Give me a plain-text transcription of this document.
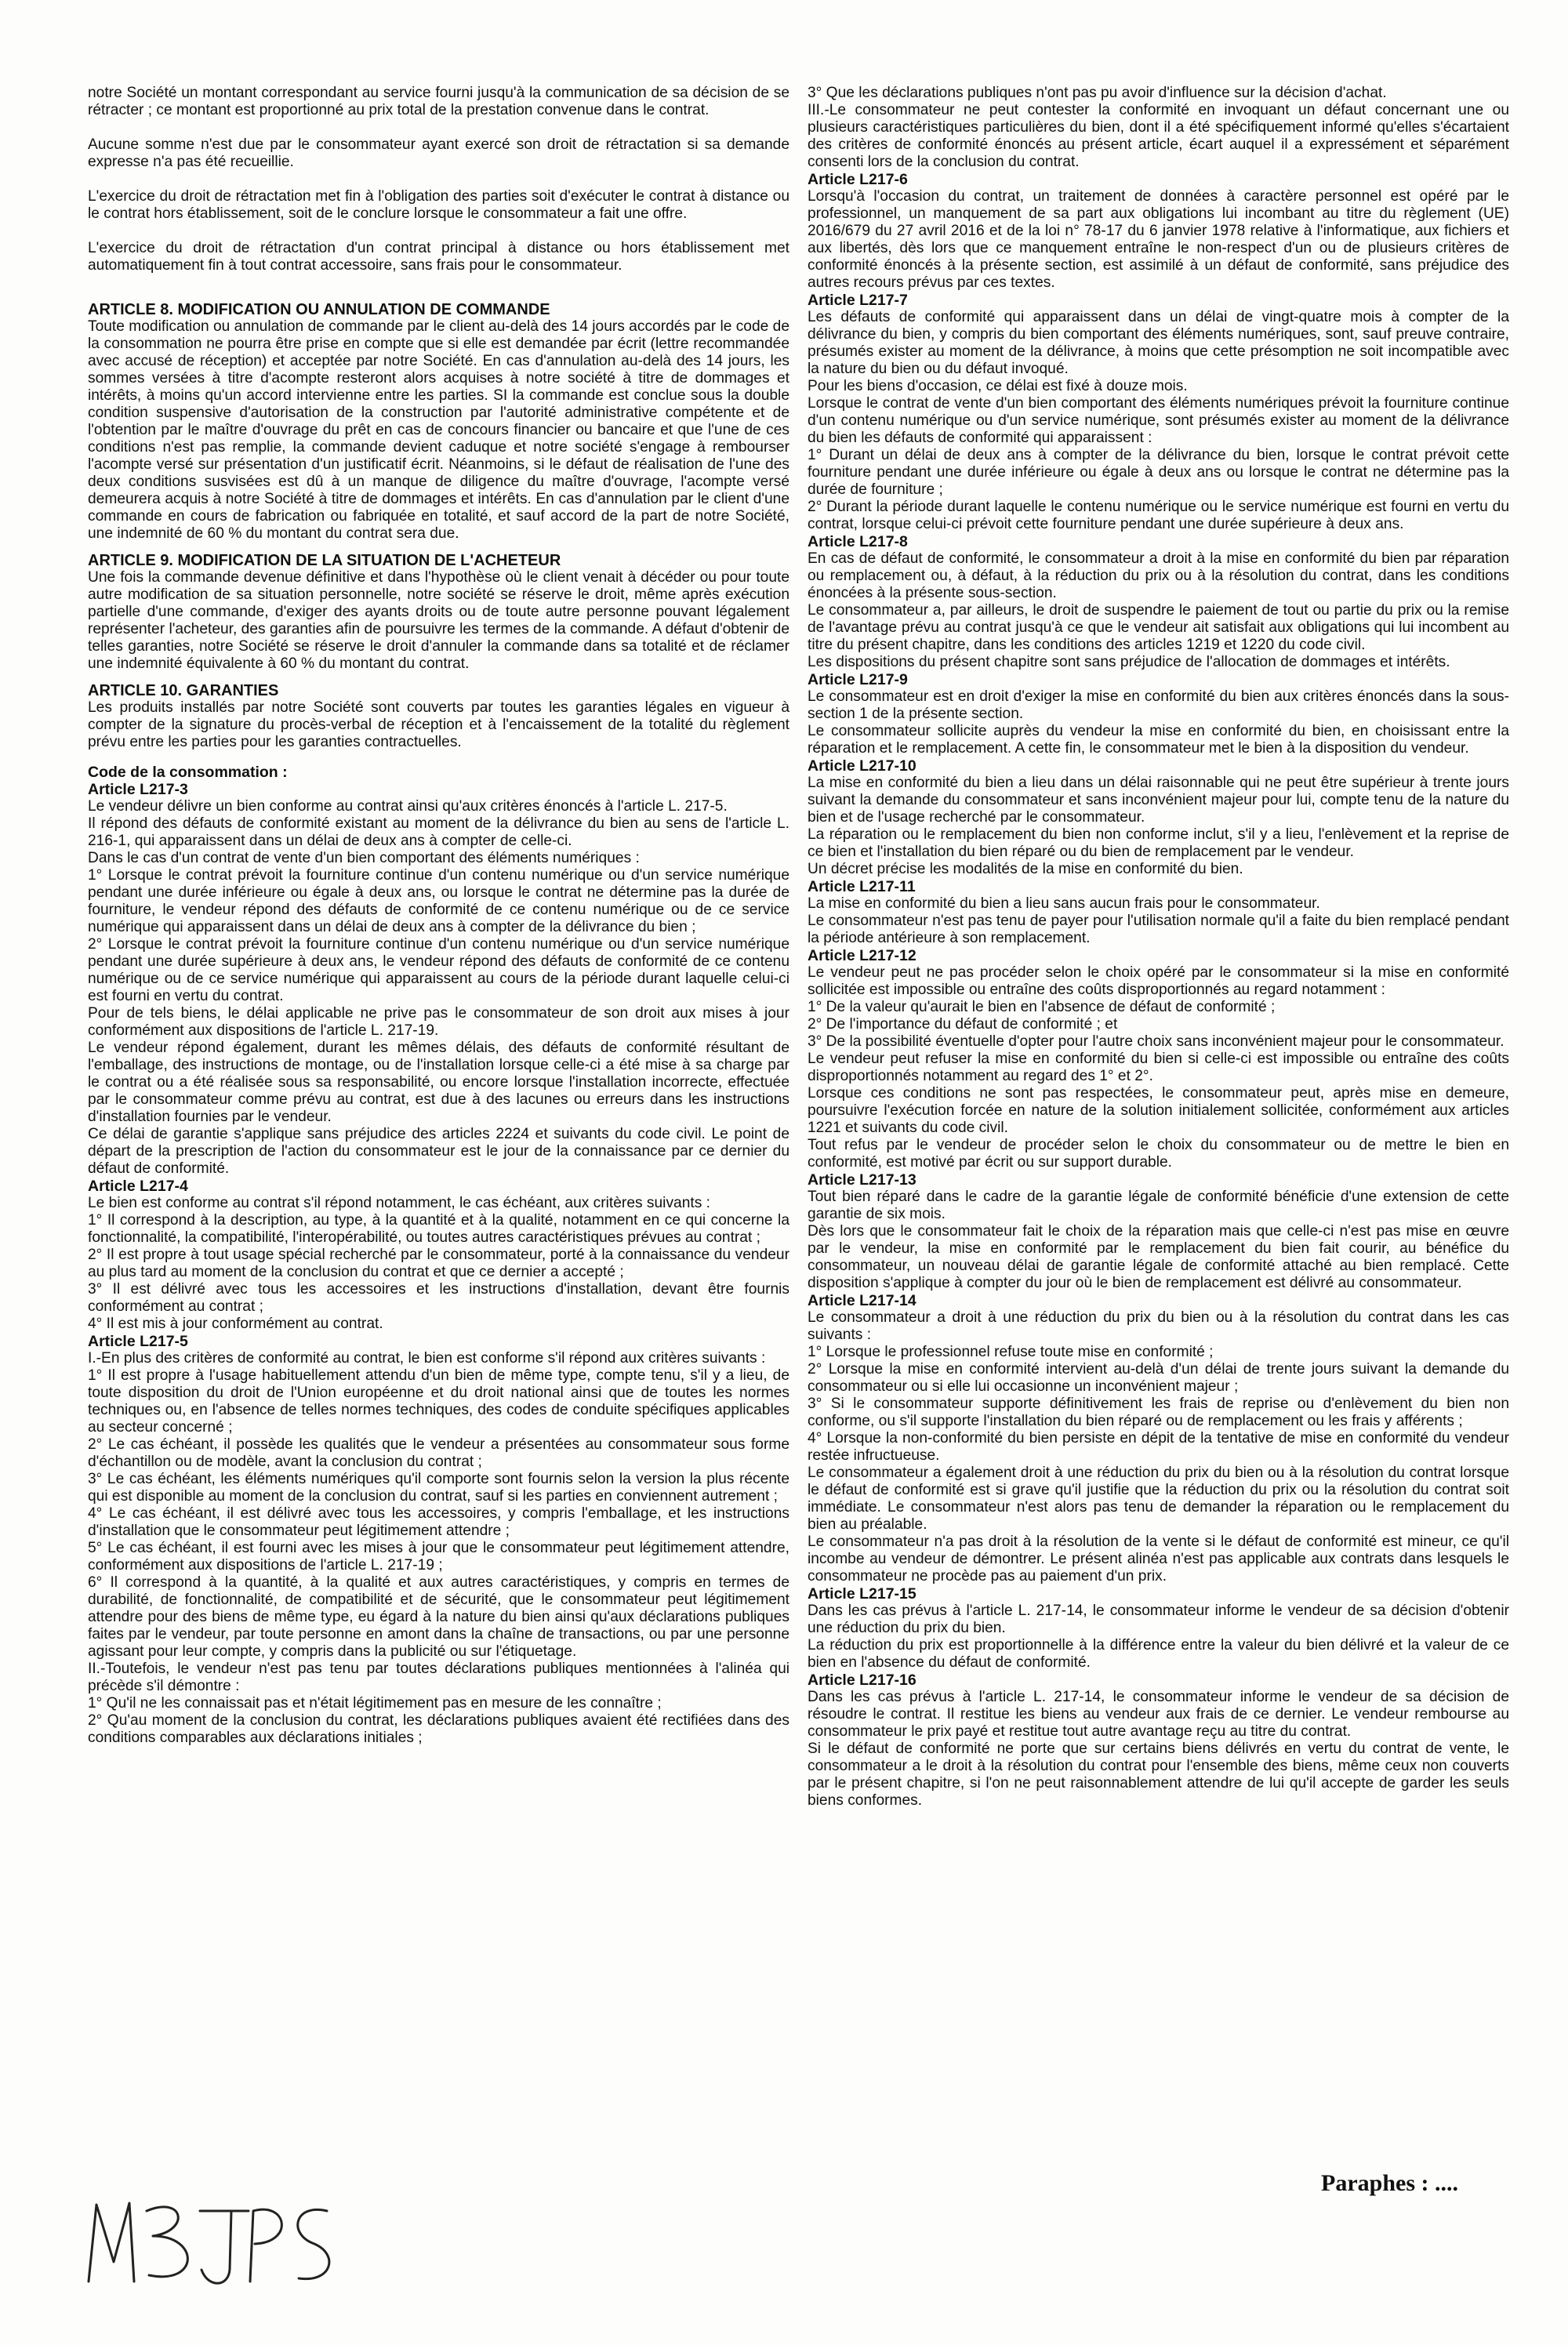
notre Société un montant correspondant au service fourni jusqu'à la communication de sa décision de se rétracter ; ce montant est proportionné au prix total de la prestation convenue dans le contrat.

Aucune somme n'est due par le consommateur ayant exercé son droit de rétractation si sa demande expresse n'a pas été recueillie.

L'exercice du droit de rétractation met fin à l'obligation des parties soit d'exécuter le contrat à distance ou le contrat hors établissement, soit de le conclure lorsque le consommateur a fait une offre.

L'exercice du droit de rétractation d'un contrat principal à distance ou hors établissement met automatiquement fin à tout contrat accessoire, sans frais pour le consommateur.

ARTICLE 8. MODIFICATION OU ANNULATION DE COMMANDE

Toute modification ou annulation de commande par le client au-delà des 14 jours accordés par le code de la consommation ne pourra être prise en compte que si elle est demandée par écrit (lettre recommandée avec accusé de réception) et acceptée par notre Société. En cas d'annulation au-delà des 14 jours, les sommes versées à titre d'acompte resteront alors acquises à notre société à titre de dommages et intérêts, à moins qu'un accord intervienne entre les parties. SI la commande est conclue sous la double condition suspensive d'autorisation de la construction par l'autorité administrative compétente et de l'obtention par le maître d'ouvrage du prêt en cas de concours financier ou bancaire et que l'une de ces conditions n'est pas remplie, la commande devient caduque et notre société s'engage à rembourser l'acompte versé sur présentation d'un justificatif écrit. Néanmoins, si le défaut de réalisation de l'une des deux conditions susvisées est dû à un manque de diligence du maître d'ouvrage, l'acompte versé demeurera acquis à notre Société à titre de dommages et intérêts. En cas d'annulation par le client d'une commande en cours de fabrication ou fabriquée en totalité, et sauf accord de la part de notre Société, une indemnité de 60 % du montant du contrat sera due.

ARTICLE 9. MODIFICATION DE LA SITUATION DE L'ACHETEUR

Une fois la commande devenue définitive et dans l'hypothèse où le client venait à décéder ou pour toute autre modification de sa situation personnelle, notre société se réserve le droit, même après exécution partielle d'une commande, d'exiger des ayants droits ou de toute autre personne pouvant légalement représenter l'acheteur, des garanties afin de poursuivre les termes de la commande. A défaut d'obtenir de telles garanties, notre Société se réserve le droit d'annuler la commande dans sa totalité et de réclamer une indemnité équivalente à 60 % du montant du contrat.

ARTICLE 10. GARANTIES

Les produits installés par notre Société sont couverts par toutes les garanties légales en vigueur à compter de la signature du procès-verbal de réception et à l'encaissement de la totalité du règlement prévu entre les parties pour les garanties contractuelles.

Code de la consommation :
Article L217-3

Le vendeur délivre un bien conforme au contrat ainsi qu'aux critères énoncés à l'article L. 217-5.

Il répond des défauts de conformité existant au moment de la délivrance du bien au sens de l'article L. 216-1, qui apparaissent dans un délai de deux ans à compter de celle-ci.

Dans le cas d'un contrat de vente d'un bien comportant des éléments numériques :

1° Lorsque le contrat prévoit la fourniture continue d'un contenu numérique ou d'un service numérique pendant une durée inférieure ou égale à deux ans, ou lorsque le contrat ne détermine pas la durée de fourniture, le vendeur répond des défauts de conformité de ce contenu numérique ou de ce service numérique qui apparaissent dans un délai de deux ans à compter de la délivrance du bien ;

2° Lorsque le contrat prévoit la fourniture continue d'un contenu numérique ou d'un service numérique pendant une durée supérieure à deux ans, le vendeur répond des défauts de conformité de ce contenu numérique ou de ce service numérique qui apparaissent au cours de la période durant laquelle celui-ci est fourni en vertu du contrat.

Pour de tels biens, le délai applicable ne prive pas le consommateur de son droit aux mises à jour conformément aux dispositions de l'article L. 217-19.

Le vendeur répond également, durant les mêmes délais, des défauts de conformité résultant de l'emballage, des instructions de montage, ou de l'installation lorsque celle-ci a été mise à sa charge par le contrat ou a été réalisée sous sa responsabilité, ou encore lorsque l'installation incorrecte, effectuée par le consommateur comme prévu au contrat, est due à des lacunes ou erreurs dans les instructions d'installation fournies par le vendeur.

Ce délai de garantie s'applique sans préjudice des articles 2224 et suivants du code civil. Le point de départ de la prescription de l'action du consommateur est le jour de la connaissance par ce dernier du défaut de conformité.

Article L217-4

Le bien est conforme au contrat s'il répond notamment, le cas échéant, aux critères suivants :

1° Il correspond à la description, au type, à la quantité et à la qualité, notamment en ce qui concerne la fonctionnalité, la compatibilité, l'interopérabilité, ou toutes autres caractéristiques prévues au contrat ;

2° Il est propre à tout usage spécial recherché par le consommateur, porté à la connaissance du vendeur au plus tard au moment de la conclusion du contrat et que ce dernier a accepté ;

3° Il est délivré avec tous les accessoires et les instructions d'installation, devant être fournis conformément au contrat ;

4° Il est mis à jour conformément au contrat.

Article L217-5

I.-En plus des critères de conformité au contrat, le bien est conforme s'il répond aux critères suivants :

1° Il est propre à l'usage habituellement attendu d'un bien de même type, compte tenu, s'il y a lieu, de toute disposition du droit de l'Union européenne et du droit national ainsi que de toutes les normes techniques ou, en l'absence de telles normes techniques, des codes de conduite spécifiques applicables au secteur concerné ;

2° Le cas échéant, il possède les qualités que le vendeur a présentées au consommateur sous forme d'échantillon ou de modèle, avant la conclusion du contrat ;

3° Le cas échéant, les éléments numériques qu'il comporte sont fournis selon la version la plus récente qui est disponible au moment de la conclusion du contrat, sauf si les parties en conviennent autrement ;

4° Le cas échéant, il est délivré avec tous les accessoires, y compris l'emballage, et les instructions d'installation que le consommateur peut légitimement attendre ;

5° Le cas échéant, il est fourni avec les mises à jour que le consommateur peut légitimement attendre, conformément aux dispositions de l'article L. 217-19 ;

6° Il correspond à la quantité, à la qualité et aux autres caractéristiques, y compris en termes de durabilité, de fonctionnalité, de compatibilité et de sécurité, que le consommateur peut légitimement attendre pour des biens de même type, eu égard à la nature du bien ainsi qu'aux déclarations publiques faites par le vendeur, par toute personne en amont dans la chaîne de transactions, ou par une personne agissant pour leur compte, y compris dans la publicité ou sur l'étiquetage.

II.-Toutefois, le vendeur n'est pas tenu par toutes déclarations publiques mentionnées à l'alinéa qui précède s'il démontre :

1° Qu'il ne les connaissait pas et n'était légitimement pas en mesure de les connaître ;

2° Qu'au moment de la conclusion du contrat, les déclarations publiques avaient été rectifiées dans des conditions comparables aux déclarations initiales ;

3° Que les déclarations publiques n'ont pas pu avoir d'influence sur la décision d'achat.

III.-Le consommateur ne peut contester la conformité en invoquant un défaut concernant une ou plusieurs caractéristiques particulières du bien, dont il a été spécifiquement informé qu'elles s'écartaient des critères de conformité énoncés au présent article, écart auquel il a expressément et séparément consenti lors de la conclusion du contrat.

Article L217-6

Lorsqu'à l'occasion du contrat, un traitement de données à caractère personnel est opéré par le professionnel, un manquement de sa part aux obligations lui incombant au titre du règlement (UE) 2016/679 du 27 avril 2016 et de la loi n° 78-17 du 6 janvier 1978 relative à l'informatique, aux fichiers et aux libertés, dès lors que ce manquement entraîne le non-respect d'un ou de plusieurs critères de conformité énoncés à la présente section, est assimilé à un défaut de conformité, sans préjudice des autres recours prévus par ces textes.

Article L217-7

Les défauts de conformité qui apparaissent dans un délai de vingt-quatre mois à compter de la délivrance du bien, y compris du bien comportant des éléments numériques, sont, sauf preuve contraire, présumés exister au moment de la délivrance, à moins que cette présomption ne soit incompatible avec la nature du bien ou du défaut invoqué.

Pour les biens d'occasion, ce délai est fixé à douze mois.

Lorsque le contrat de vente d'un bien comportant des éléments numériques prévoit la fourniture continue d'un contenu numérique ou d'un service numérique, sont présumés exister au moment de la délivrance du bien les défauts de conformité qui apparaissent :

1° Durant un délai de deux ans à compter de la délivrance du bien, lorsque le contrat prévoit cette fourniture pendant une durée inférieure ou égale à deux ans ou lorsque le contrat ne détermine pas la durée de fourniture ;

2° Durant la période durant laquelle le contenu numérique ou le service numérique est fourni en vertu du contrat, lorsque celui-ci prévoit cette fourniture pendant une durée supérieure à deux ans.

Article L217-8

En cas de défaut de conformité, le consommateur a droit à la mise en conformité du bien par réparation ou remplacement ou, à défaut, à la réduction du prix ou à la résolution du contrat, dans les conditions énoncées à la présente sous-section.

Le consommateur a, par ailleurs, le droit de suspendre le paiement de tout ou partie du prix ou la remise de l'avantage prévu au contrat jusqu'à ce que le vendeur ait satisfait aux obligations qui lui incombent au titre du présent chapitre, dans les conditions des articles 1219 et 1220 du code civil.

Les dispositions du présent chapitre sont sans préjudice de l'allocation de dommages et intérêts.

Article L217-9

Le consommateur est en droit d'exiger la mise en conformité du bien aux critères énoncés dans la sous-section 1 de la présente section.

Le consommateur sollicite auprès du vendeur la mise en conformité du bien, en choisissant entre la réparation et le remplacement. A cette fin, le consommateur met le bien à la disposition du vendeur.

Article L217-10

La mise en conformité du bien a lieu dans un délai raisonnable qui ne peut être supérieur à trente jours suivant la demande du consommateur et sans inconvénient majeur pour lui, compte tenu de la nature du bien et de l'usage recherché par le consommateur.

La réparation ou le remplacement du bien non conforme inclut, s'il y a lieu, l'enlèvement et la reprise de ce bien et l'installation du bien réparé ou du bien de remplacement par le vendeur.

Un décret précise les modalités de la mise en conformité du bien.

Article L217-11

La mise en conformité du bien a lieu sans aucun frais pour le consommateur.

Le consommateur n'est pas tenu de payer pour l'utilisation normale qu'il a faite du bien remplacé pendant la période antérieure à son remplacement.

Article L217-12

Le vendeur peut ne pas procéder selon le choix opéré par le consommateur si la mise en conformité sollicitée est impossible ou entraîne des coûts disproportionnés au regard notamment :

1° De la valeur qu'aurait le bien en l'absence de défaut de conformité ;

2° De l'importance du défaut de conformité ; et

3° De la possibilité éventuelle d'opter pour l'autre choix sans inconvénient majeur pour le consommateur.

Le vendeur peut refuser la mise en conformité du bien si celle-ci est impossible ou entraîne des coûts disproportionnés notamment au regard des 1° et 2°.

Lorsque ces conditions ne sont pas respectées, le consommateur peut, après mise en demeure, poursuivre l'exécution forcée en nature de la solution initialement sollicitée, conformément aux articles 1221 et suivants du code civil.

Tout refus par le vendeur de procéder selon le choix du consommateur ou de mettre le bien en conformité, est motivé par écrit ou sur support durable.

Article L217-13

Tout bien réparé dans le cadre de la garantie légale de conformité bénéficie d'une extension de cette garantie de six mois.

Dès lors que le consommateur fait le choix de la réparation mais que celle-ci n'est pas mise en œuvre par le vendeur, la mise en conformité par le remplacement du bien fait courir, au bénéfice du consommateur, un nouveau délai de garantie légale de conformité attaché au bien remplacé. Cette disposition s'applique à compter du jour où le bien de remplacement est délivré au consommateur.

Article L217-14

Le consommateur a droit à une réduction du prix du bien ou à la résolution du contrat dans les cas suivants :

1° Lorsque le professionnel refuse toute mise en conformité ;

2° Lorsque la mise en conformité intervient au-delà d'un délai de trente jours suivant la demande du consommateur ou si elle lui occasionne un inconvénient majeur ;

3° Si le consommateur supporte définitivement les frais de reprise ou d'enlèvement du bien non conforme, ou s'il supporte l'installation du bien réparé ou de remplacement ou les frais y afférents ;

4° Lorsque la non-conformité du bien persiste en dépit de la tentative de mise en conformité du vendeur restée infructueuse.

Le consommateur a également droit à une réduction du prix du bien ou à la résolution du contrat lorsque le défaut de conformité est si grave qu'il justifie que la réduction du prix ou la résolution du contrat soit immédiate. Le consommateur n'est alors pas tenu de demander la réparation ou le remplacement du bien au préalable.

Le consommateur n'a pas droit à la résolution de la vente si le défaut de conformité est mineur, ce qu'il incombe au vendeur de démontrer. Le présent alinéa n'est pas applicable aux contrats dans lesquels le consommateur ne procède pas au paiement d'un prix.

Article L217-15

Dans les cas prévus à l'article L. 217-14, le consommateur informe le vendeur de sa décision d'obtenir une réduction du prix du bien.

La réduction du prix est proportionnelle à la différence entre la valeur du bien délivré et la valeur de ce bien en l'absence du défaut de conformité.

Article L217-16

Dans les cas prévus à l'article L. 217-14, le consommateur informe le vendeur de sa décision de résoudre le contrat. Il restitue les biens au vendeur aux frais de ce dernier. Le vendeur rembourse au consommateur le prix payé et restitue tout autre avantage reçu au titre du contrat.

Si le défaut de conformité ne porte que sur certains biens délivrés en vertu du contrat de vente, le consommateur a le droit à la résolution du contrat pour l'ensemble des biens, même ceux non couverts par le présent chapitre, si l'on ne peut raisonnablement attendre de lui qu'il accepte de garder les seuls biens conformes.

Paraphes : ....
